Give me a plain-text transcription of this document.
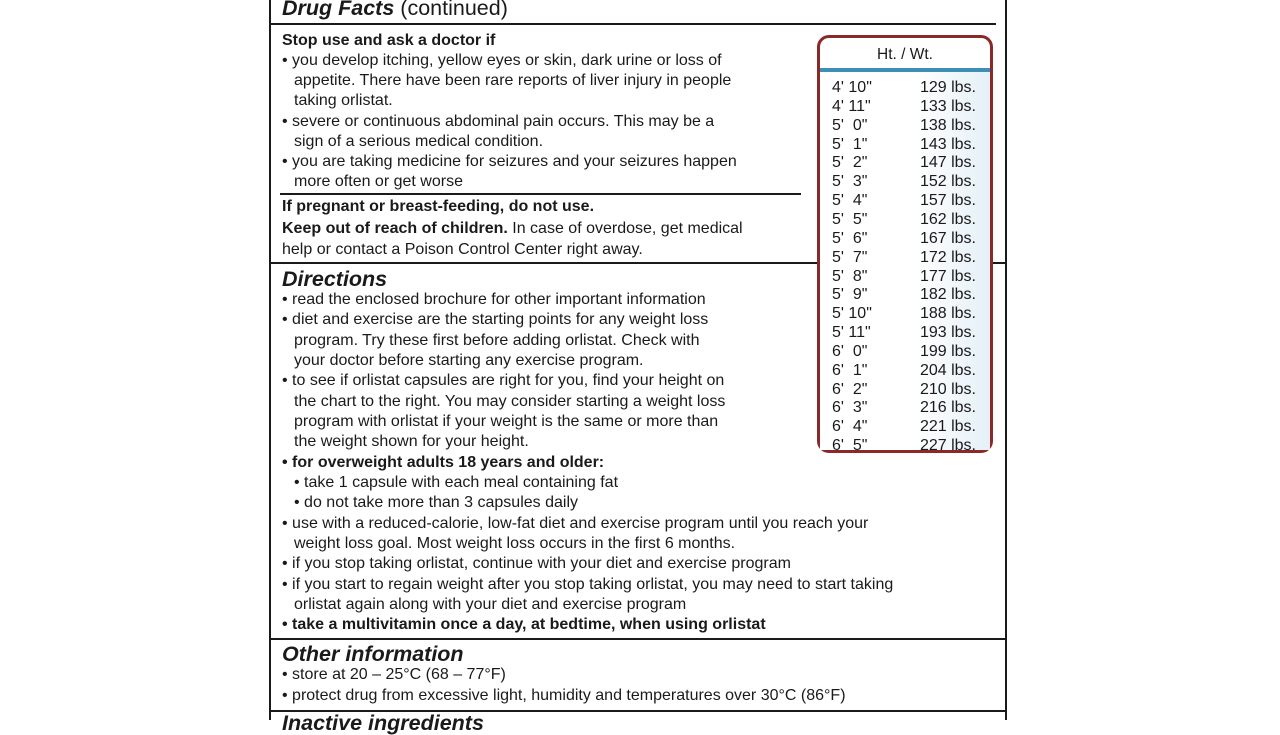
Drug Facts (continued)
Stop use and ask a doctor if
• you develop itching, yellow eyes or skin, dark urine or loss of
appetite. There have been rare reports of liver injury in people
taking orlistat.
• severe or continuous abdominal pain occurs. This may be a
sign of a serious medical condition.
• you are taking medicine for seizures and your seizures happen
more often or get worse
If pregnant or breast-feeding, do not use.
Keep out of reach of children. In case of overdose, get medical
help or contact a Poison Control Center right away.
Directions
• read the enclosed brochure for other important information
• diet and exercise are the starting points for any weight loss
program. Try these first before adding orlistat. Check with
your doctor before starting any exercise program.
• to see if orlistat capsules are right for you, find your height on
the chart to the right. You may consider starting a weight loss
program with orlistat if your weight is the same or more than
the weight shown for your height.
• for overweight adults 18 years and older:
• take 1 capsule with each meal containing fat
• do not take more than 3 capsules daily
• use with a reduced-calorie, low-fat diet and exercise program until you reach your
weight loss goal. Most weight loss occurs in the first 6 months.
• if you stop taking orlistat, continue with your diet and exercise program
• if you start to regain weight after you stop taking orlistat, you may need to start taking
orlistat again along with your diet and exercise program
• take a multivitamin once a day, at bedtime, when using orlistat
Other information
• store at 20 – 25°C (68 – 77°F)
• protect drug from excessive light, humidity and temperatures over 30°C (86°F)
Inactive ingredients
Ht. / Wt.
4' 10"	129 lbs.
4' 11"	133 lbs.
5'  0"	138 lbs.
5'  1"	143 lbs.
5'  2"	147 lbs.
5'  3"	152 lbs.
5'  4"	157 lbs.
5'  5"	162 lbs.
5'  6"	167 lbs.
5'  7"	172 lbs.
5'  8"	177 lbs.
5'  9"	182 lbs.
5' 10"	188 lbs.
5' 11"	193 lbs.
6'  0"	199 lbs.
6'  1"	204 lbs.
6'  2"	210 lbs.
6'  3"	216 lbs.
6'  4"	221 lbs.
6'  5"	227 lbs.
